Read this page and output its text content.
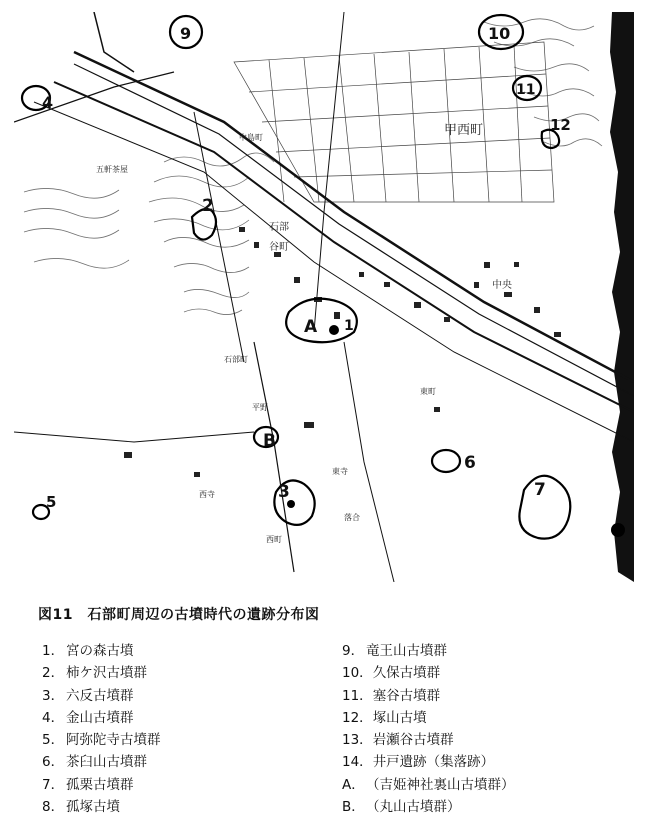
4
9	10
11
12
2
A 1
B
6
7
3
5
甲西町
石部
谷町
中央
中島町
五軒茶屋
西寺
東寺
平野
石部町
西町
東町
落合
図11　石部町周辺の古墳時代の遺跡分布図
1． 宮の森古墳
2． 柿ケ沢古墳群
3． 六反古墳群
4． 金山古墳群
5． 阿弥陀寺古墳群
6． 茶臼山古墳群
7． 孤栗古墳群
8． 孤塚古墳
9． 竜王山古墳群
10．久保古墳群
11．塞谷古墳群
12．塚山古墳
13．岩瀬谷古墳群
14．井戸遺跡（集落跡）
A．（吉姫神社裏山古墳群）
B．（丸山古墳群）
